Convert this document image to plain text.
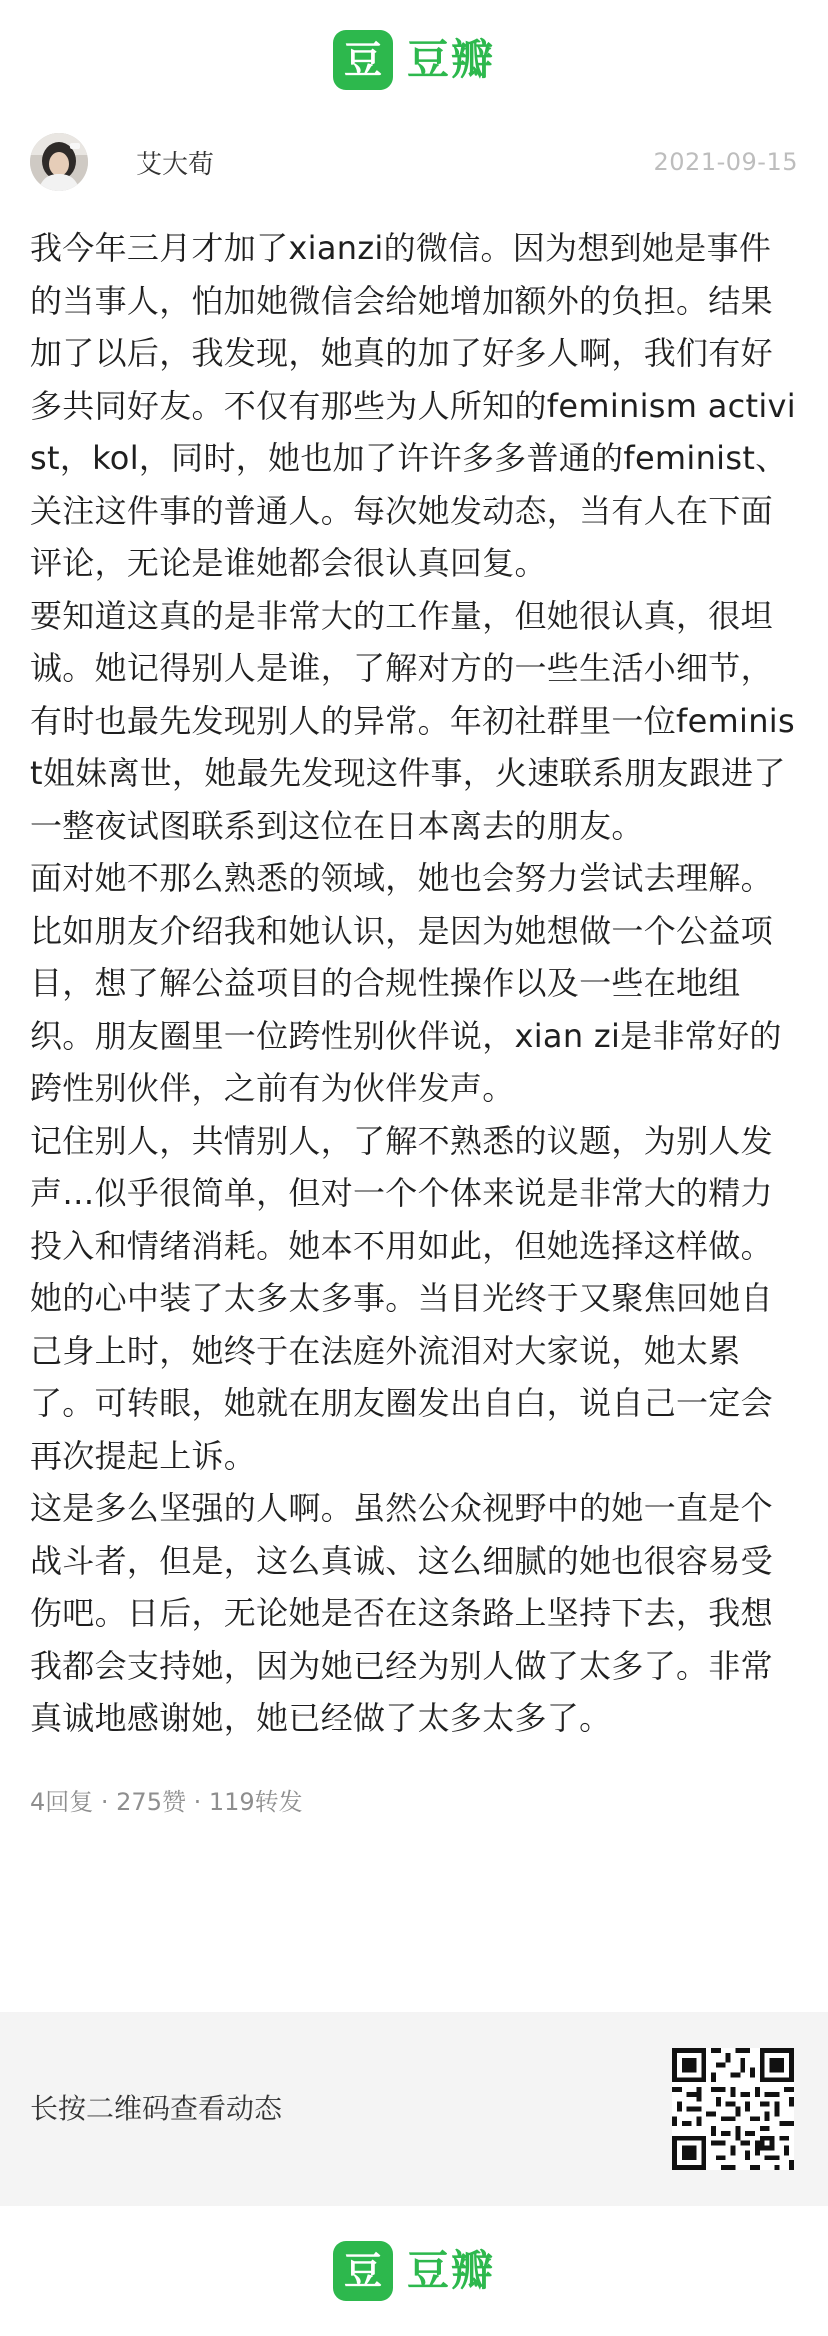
豆 豆瓣
艾大荀	2021-09-15

我今年三月才加了xianzi的微信。因为想到她是事件的当事人，怕加她微信会给她增加额外的负担。结果加了以后，我发现，她真的加了好多人啊，我们有好多共同好友。不仅有那些为人所知的feminism activist，kol，同时，她也加了许许多多普通的feminist、关注这件事的普通人。每次她发动态，当有人在下面评论，无论是谁她都会很认真回复。

要知道这真的是非常大的工作量，但她很认真，很坦诚。她记得别人是谁，了解对方的一些生活小细节，有时也最先发现别人的异常。年初社群里一位feminist姐妹离世，她最先发现这件事，火速联系朋友跟进了一整夜试图联系到这位在日本离去的朋友。

面对她不那么熟悉的领域，她也会努力尝试去理解。比如朋友介绍我和她认识，是因为她想做一个公益项目，想了解公益项目的合规性操作以及一些在地组织。朋友圈里一位跨性别伙伴说，xian zi是非常好的跨性别伙伴，之前有为伙伴发声。

记住别人，共情别人，了解不熟悉的议题，为别人发声…似乎很简单，但对一个个体来说是非常大的精力投入和情绪消耗。她本不用如此，但她选择这样做。她的心中装了太多太多事。当目光终于又聚焦回她自己身上时，她终于在法庭外流泪对大家说，她太累了。可转眼，她就在朋友圈发出自白，说自己一定会再次提起上诉。

这是多么坚强的人啊。虽然公众视野中的她一直是个战斗者，但是，这么真诚、这么细腻的她也很容易受伤吧。日后，无论她是否在这条路上坚持下去，我想我都会支持她，因为她已经为别人做了太多了。非常真诚地感谢她，她已经做了太多太多了。

4回复 · 275赞 · 119转发
长按二维码查看动态
豆 豆瓣
